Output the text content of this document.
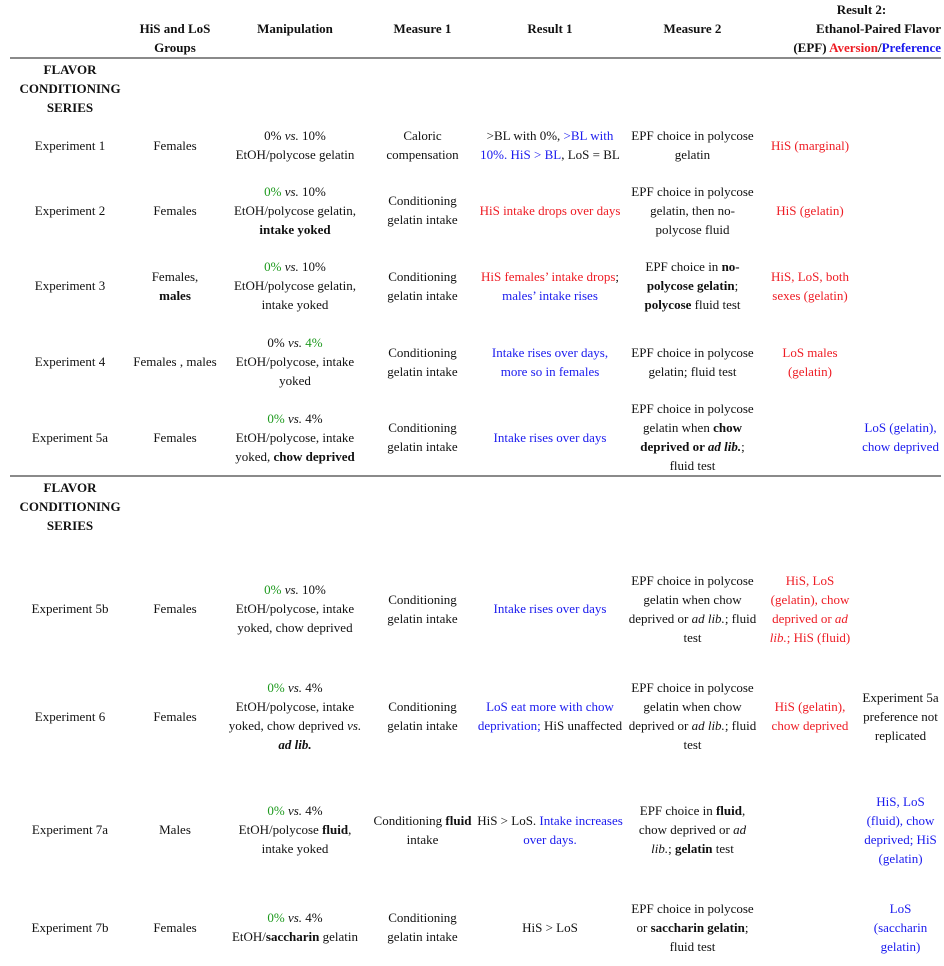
	HiS and LoS Groups	Manipulation	Measure 1	Result 1	Measure 2	Result 2:
Ethanol-Paired Flavor
(EPF) Aversion/Preference	

FLAVOR CONDITIONING SERIES							
Experiment 1	Females	0% vs. 10%
EtOH/polycose gelatin	Caloric compensation	>BL with 0%, >BL with 10%. HiS > BL, LoS = BL	EPF choice in polycose gelatin	HiS (marginal)	
Experiment 2	Females	0% vs. 10%
EtOH/polycose gelatin,
intake yoked	Conditioning gelatin intake	HiS intake drops over days	EPF choice in polycose gelatin, then no-polycose fluid	HiS (gelatin)	
Experiment 3	Females,
males	0% vs. 10%
EtOH/polycose gelatin, intake yoked	Conditioning gelatin intake	HiS females’ intake drops; males’ intake rises	EPF choice in no-polycose gelatin; polycose fluid test	HiS, LoS, both sexes (gelatin)	
Experiment 4	Females , males	0% vs. 4%
EtOH/polycose, intake yoked	Conditioning gelatin intake	Intake rises over days, more so in females	EPF choice in polycose gelatin; fluid test	LoS males (gelatin)	
Experiment 5a	Females	0% vs. 4%
EtOH/polycose, intake yoked, chow deprived	Conditioning gelatin intake	Intake rises over days	EPF choice in polycose gelatin when chow deprived or ad lib.; fluid test		LoS (gelatin), chow deprived
FLAVOR CONDITIONING SERIES							
Experiment 5b	Females	0% vs. 10%
EtOH/polycose, intake yoked, chow deprived	Conditioning gelatin intake	Intake rises over days	EPF choice in polycose gelatin when chow deprived or ad lib.; fluid test	HiS, LoS (gelatin), chow deprived or ad lib.; HiS (fluid)	
Experiment 6	Females	0% vs. 4%
EtOH/polycose, intake yoked, chow deprived vs. ad lib.	Conditioning gelatin intake	LoS eat more with chow deprivation; HiS unaffected	EPF choice in polycose gelatin when chow deprived or ad lib.; fluid test	HiS (gelatin), chow deprived	Experiment 5a preference not replicated
Experiment 7a	Males	0% vs. 4%
EtOH/polycose fluid, intake yoked	Conditioning fluid intake	HiS > LoS. Intake increases over days.	EPF choice in fluid, chow deprived or ad lib.; gelatin test		HiS, LoS (fluid), chow deprived; HiS (gelatin)
Experiment 7b	Females	0% vs. 4%
EtOH/saccharin gelatin	Conditioning gelatin intake	HiS > LoS	EPF choice in polycose or saccharin gelatin; fluid test		LoS (saccharin gelatin)
